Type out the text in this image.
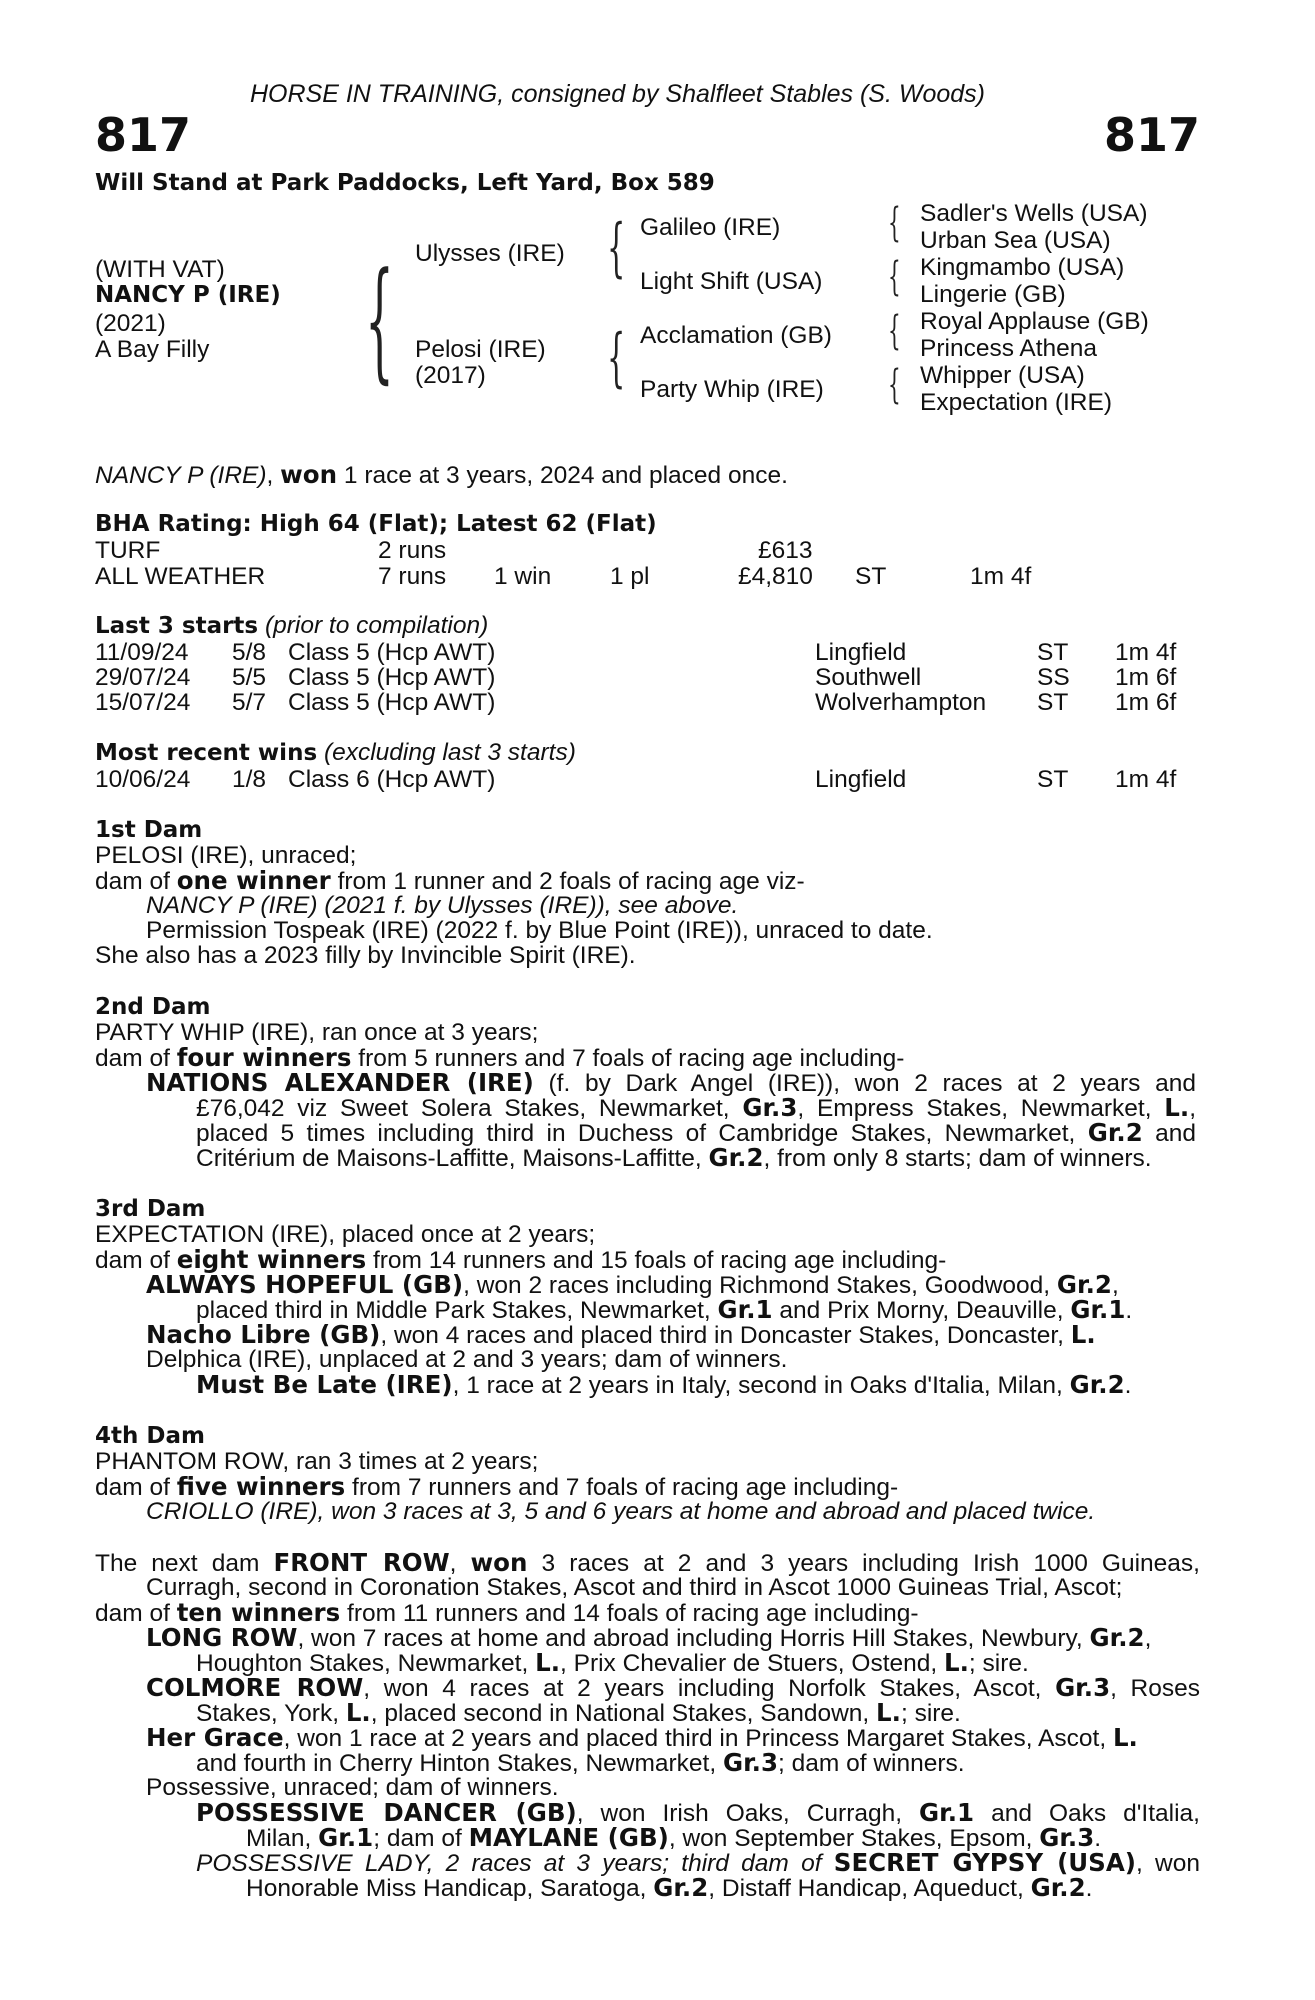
HORSE IN TRAINING, consigned by Shalfleet Stables (S. Woods)
817	817
Will Stand at Park Paddocks, Left Yard, Box 589
(WITH VAT)
NANCY P (IRE)
(2021)
A Bay Filly { Ulysses (IRE)
Pelosi (IRE)
(2017)
{
{
Galileo (IRE)
Light Shift (USA)
Acclamation (GB)
Party Whip (IRE)
{
{
{
{
Sadler's Wells (USA)
Urban Sea (USA)
Kingmambo (USA)
Lingerie (GB)
Royal Applause (GB)
Princess Athena
Whipper (USA)
Expectation (IRE)
NANCY P (IRE), won 1 race at 3 years, 2024 and placed once.
BHA Rating: High 64 (Flat); Latest 62 (Flat)
TURF	2 runs	£613
ALL WEATHER	7 runs 1 win 1 pl	£4,810 ST	1m 4f
Last 3 starts (prior to compilation)
11/09/24 5/8 Class 5 (Hcp AWT)	Lingfield	ST 1m 4f
29/07/24 5/5 Class 5 (Hcp AWT)	Southwell	SS 1m 6f
15/07/24 5/7 Class 5 (Hcp AWT)	Wolverhampton ST 1m 6f
Most recent wins (excluding last 3 starts)
10/06/24 1/8 Class 6 (Hcp AWT)	Lingfield	ST 1m 4f
1st Dam
PELOSI (IRE), unraced;
dam of one winner from 1 runner and 2 foals of racing age viz-
NANCY P (IRE) (2021 f. by Ulysses (IRE)), see above.
Permission Tospeak (IRE) (2022 f. by Blue Point (IRE)), unraced to date.
She also has a 2023 filly by Invincible Spirit (IRE).
2nd Dam
PARTY WHIP (IRE), ran once at 3 years;
dam of four winners from 5 runners and 7 foals of racing age including-
NATIONS ALEXANDER (IRE) (f. by Dark Angel (IRE)), won 2 races at 2 years and
£76,042 viz Sweet Solera Stakes, Newmarket, Gr.3, Empress Stakes, Newmarket, L.,
placed 5 times including third in Duchess of Cambridge Stakes, Newmarket, Gr.2 and
Critérium de Maisons-Laffitte, Maisons-Laffitte, Gr.2, from only 8 starts; dam of winners.
3rd Dam
EXPECTATION (IRE), placed once at 2 years;
dam of eight winners from 14 runners and 15 foals of racing age including-
ALWAYS HOPEFUL (GB), won 2 races including Richmond Stakes, Goodwood, Gr.2,
placed third in Middle Park Stakes, Newmarket, Gr.1 and Prix Morny, Deauville, Gr.1.
Nacho Libre (GB), won 4 races and placed third in Doncaster Stakes, Doncaster, L.
Delphica (IRE), unplaced at 2 and 3 years; dam of winners.
Must Be Late (IRE), 1 race at 2 years in Italy, second in Oaks d'Italia, Milan, Gr.2.
4th Dam
PHANTOM ROW, ran 3 times at 2 years;
dam of five winners from 7 runners and 7 foals of racing age including-
CRIOLLO (IRE), won 3 races at 3, 5 and 6 years at home and abroad and placed twice.
The next dam FRONT ROW, won 3 races at 2 and 3 years including Irish 1000 Guineas,
Curragh, second in Coronation Stakes, Ascot and third in Ascot 1000 Guineas Trial, Ascot;
dam of ten winners from 11 runners and 14 foals of racing age including-
LONG ROW, won 7 races at home and abroad including Horris Hill Stakes, Newbury, Gr.2,
Houghton Stakes, Newmarket, L., Prix Chevalier de Stuers, Ostend, L.; sire.
COLMORE ROW, won 4 races at 2 years including Norfolk Stakes, Ascot, Gr.3, Roses
Stakes, York, L., placed second in National Stakes, Sandown, L.; sire.
Her Grace, won 1 race at 2 years and placed third in Princess Margaret Stakes, Ascot, L.
and fourth in Cherry Hinton Stakes, Newmarket, Gr.3; dam of winners.
Possessive, unraced; dam of winners.
POSSESSIVE DANCER (GB), won Irish Oaks, Curragh, Gr.1 and Oaks d'Italia,
Milan, Gr.1; dam of MAYLANE (GB), won September Stakes, Epsom, Gr.3.
POSSESSIVE LADY, 2 races at 3 years; third dam of SECRET GYPSY (USA), won
Honorable Miss Handicap, Saratoga, Gr.2, Distaff Handicap, Aqueduct, Gr.2.
